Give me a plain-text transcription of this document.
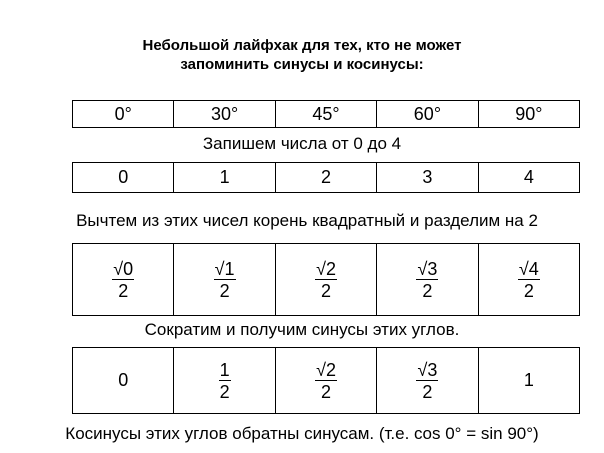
Небольшой лайфхак для тех, кто не может
запоминить синусы и косинусы:
0°	30°	45°	60°	90°
Запишем числа от 0 до 4
0	1	2	3	4
Вычтем из этих чисел корень квадратный и разделим на 2
$\frac{√0}{2}$	$\frac{√1}{2}$	$\frac{√2}{2}$	$\frac{√3}{2}$	$\frac{√4}{2}$
Сократим и получим синусы этих углов.
0	$\frac{1}{2}$	$\frac{√2}{2}$	$\frac{√3}{2}$	1
Косинусы этих углов обратны синусам. (т.е. cos 0° = sin 90°)
